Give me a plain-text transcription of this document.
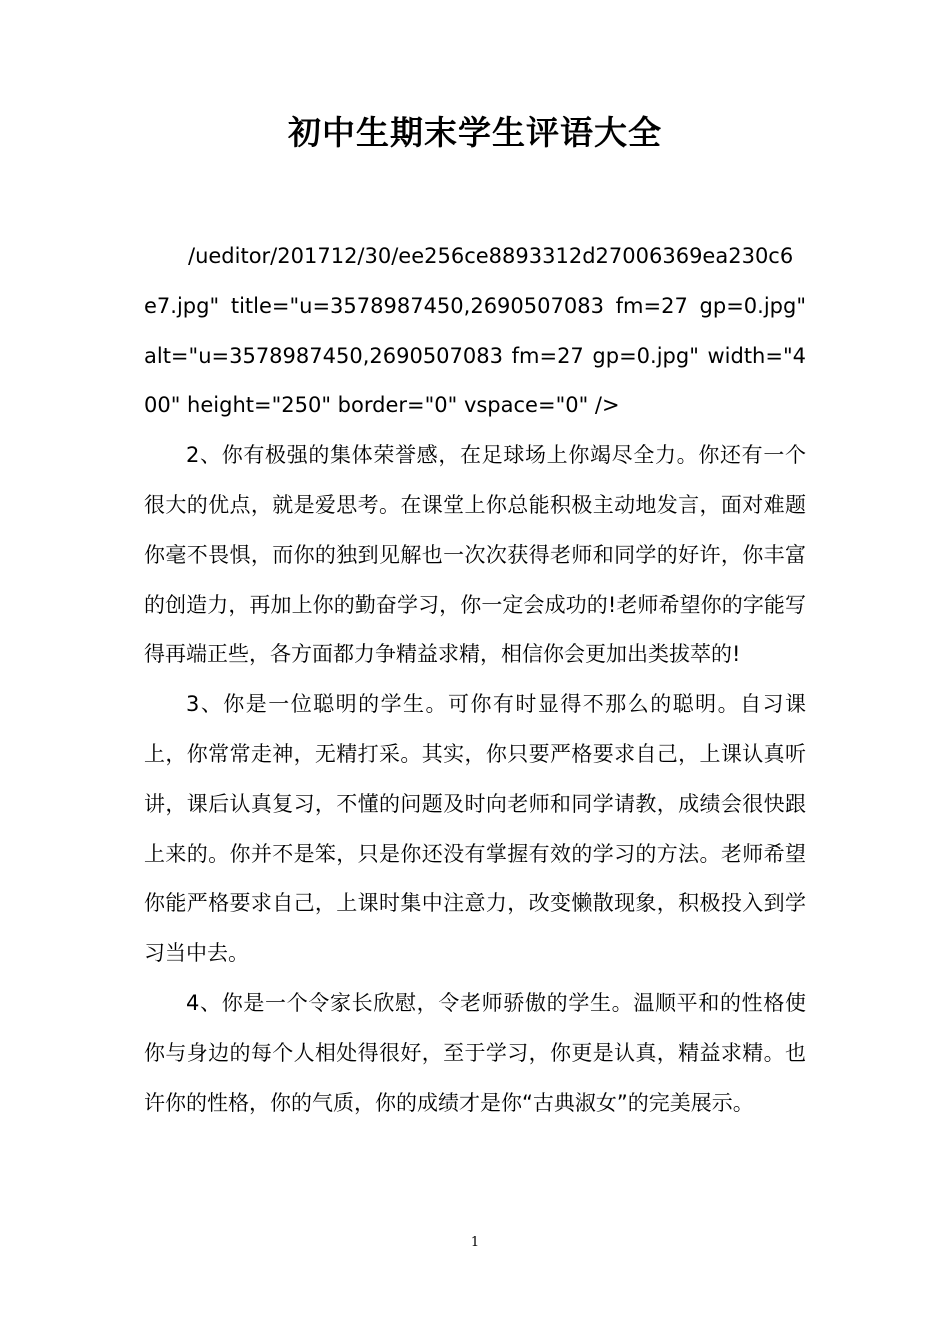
初中生期末学生评语大全

/ueditor/201712/30/ee256ce8893312d27006369ea230c6e7.jpg" title="u=3578987450,2690507083 fm=27 gp=0.jpg" alt="u=3578987450,2690507083 fm=27 gp=0.jpg" width="400" height="250" border="0" vspace="0" />

2、你有极强的集体荣誉感，在足球场上你竭尽全力。你还有一个很大的优点，就是爱思考。在课堂上你总能积极主动地发言，面对难题你毫不畏惧，而你的独到见解也一次次获得老师和同学的好许，你丰富的创造力，再加上你的勤奋学习，你一定会成功的!老师希望你的字能写得再端正些，各方面都力争精益求精，相信你会更加出类拔萃的!

3、你是一位聪明的学生。可你有时显得不那么的聪明。自习课上，你常常走神，无精打采。其实，你只要严格要求自己，上课认真听讲，课后认真复习，不懂的问题及时向老师和同学请教，成绩会很快跟上来的。你并不是笨，只是你还没有掌握有效的学习的方法。老师希望你能严格要求自己，上课时集中注意力，改变懒散现象，积极投入到学习当中去。

4、你是一个令家长欣慰，令老师骄傲的学生。温顺平和的性格使你与身边的每个人相处得很好，至于学习，你更是认真，精益求精。也许你的性格，你的气质，你的成绩才是你“古典淑女”的完美展示。

1
